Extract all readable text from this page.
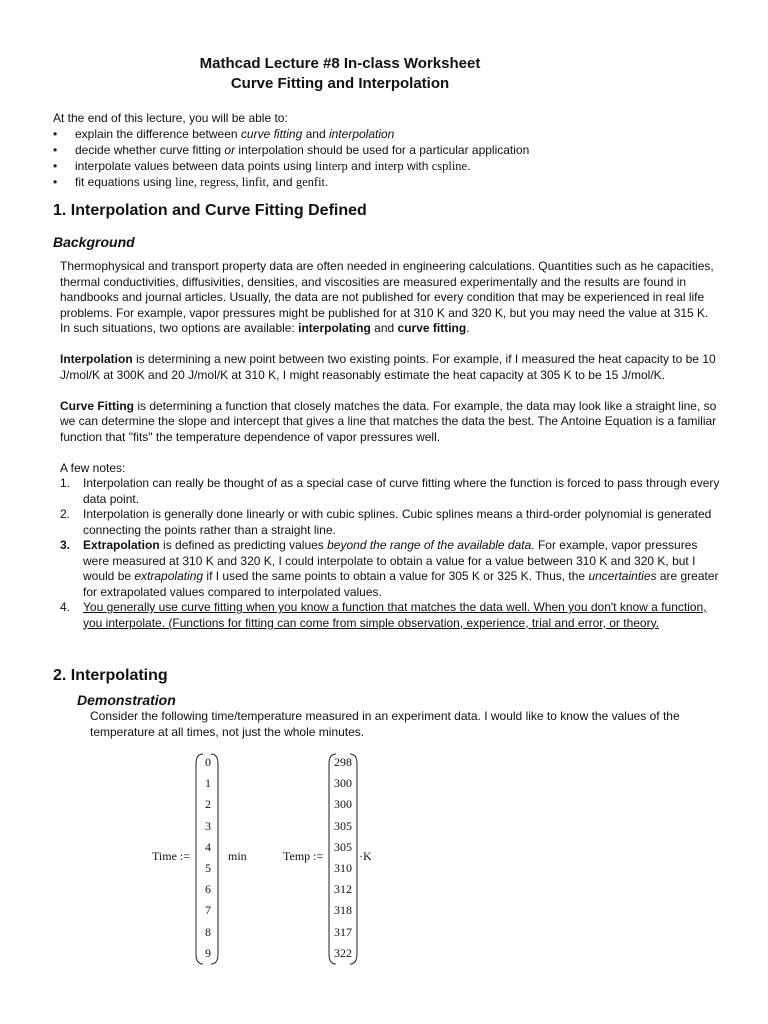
Mathcad Lecture #8 In-class Worksheet
Curve Fitting and Interpolation
At the end of this lecture, you will be able to:
• explain the difference between curve fitting and interpolation
• decide whether curve fitting or interpolation should be used for a particular application
• interpolate values between data points using linterp and interp with cspline.
• fit equations using line, regress, linfit, and genfit.
1. Interpolation and Curve Fitting Defined
Background

Thermophysical and transport property data are often needed in engineering calculations. Quantities such as he capacities, thermal conductivities, diffusivities, densities, and viscosities are measured experimentally and the results are found in handbooks and journal articles. Usually, the data are not published for every condition that may be experienced in real life problems. For example, vapor pressures might be published for at 310 K and 320 K, but you may need the value at 315 K. In such situations, two options are available: interpolating and curve fitting.

Interpolation is determining a new point between two existing points. For example, if I measured the heat capacity to be 10 J/mol/K at 300K and 20 J/mol/K at 310 K, I might reasonably estimate the heat capacity at 305 K to be 15 J/mol/K.

Curve Fitting is determining a function that closely matches the data. For example, the data may look like a straight line, so we can determine the slope and intercept that gives a line that matches the data the best. The Antoine Equation is a familiar function that "fits" the temperature dependence of vapor pressures well.

A few notes:
1. Interpolation can really be thought of as a special case of curve fitting where the function is forced to pass through every data point.
2. Interpolation is generally done linearly or with cubic splines. Cubic splines means a third-order polynomial is generated connecting the points rather than a straight line.
3. Extrapolation is defined as predicting values beyond the range of the available data. For example, vapor pressures were measured at 310 K and 320 K, I could interpolate to obtain a value for a value between 310 K and 320 K, but I would be extrapolating if I used the same points to obtain a value for 305 K or 325 K. Thus, the uncertainties are greater for extrapolated values compared to interpolated values.
4. You generally use curve fitting when you know a function that matches the data well. When you don't know a function, you interpolate. (Functions for fitting can come from simple observation, experience, trial and error, or theory.
2. Interpolating
Demonstration
Consider the following time/temperature measured in an experiment data. I would like to know the values of the temperature at all times, not just the whole minutes.
Time :=
0
1
2
3
4
5
6
7
8
9
min	Temp :=
298
300
300
305
305
310
312
318
317
322
·K
